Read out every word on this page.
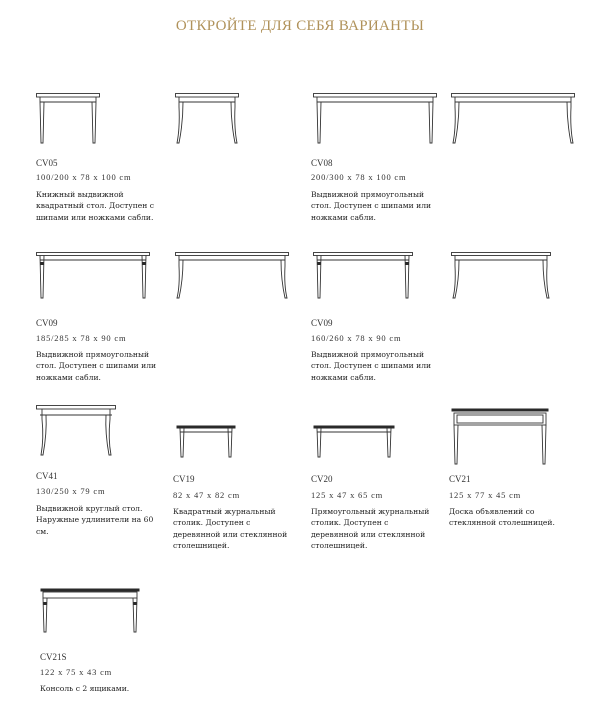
ОТКРОЙТЕ ДЛЯ СЕБЯ ВАРИАНТЫ
CV05
100/200 x 78 x 100 cm
Книжный выдвижной
квадратный стол. Доступен с
шипами или ножками сабли.
CV08
200/300 x 78 x 100 cm
Выдвижной прямоугольный
стол. Доступен с шипами или
ножками сабли.
CV09
185/285 x 78 x 90 cm
Выдвижной прямоугольный
стол. Доступен с шипами или
ножками сабли.
CV09
160/260 x 78 x 90 cm
Выдвижной прямоугольный
стол. Доступен с шипами или
ножками сабли.
CV41
130/250 x 79 cm
Выдвижной круглый стол.
Наружные удлинители на 60
см.
CV19
82 x 47 x 82 cm
Квадратный журнальный
столик. Доступен с
деревянной или стеклянной
столешницей.
CV20
125 x 47 x 65 cm
Прямоугольный журнальный
столик. Доступен с
деревянной или стеклянной
столешницей.
CV21
125 x 77 x 45 cm
Доска объявлений со
стеклянной столешницей.
CV21S
122 x 75 x 43 cm
Консоль с 2 ящиками.
